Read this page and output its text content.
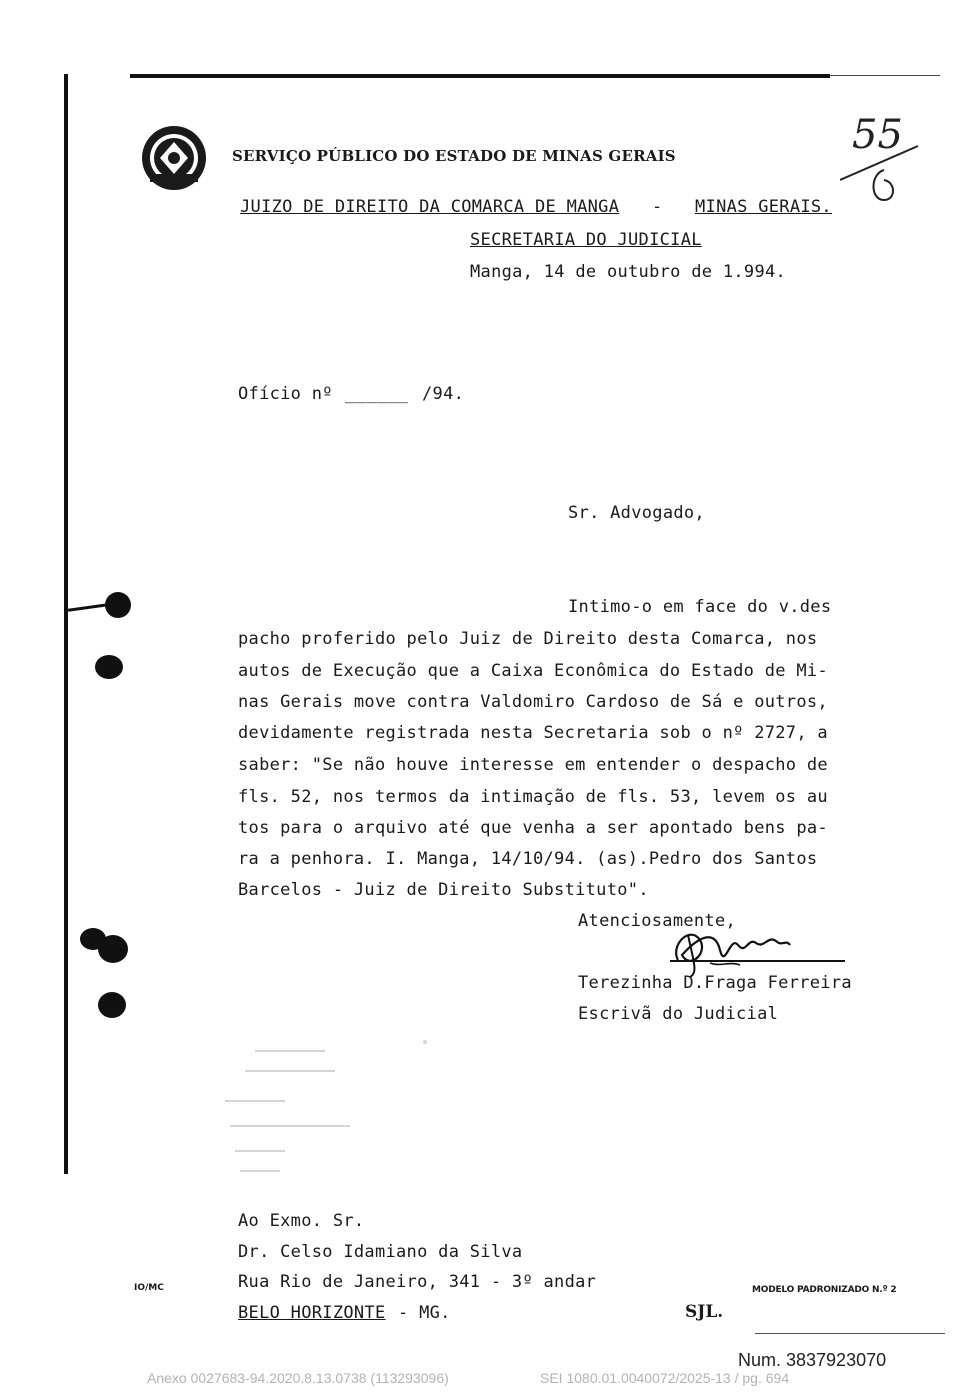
SERVIÇO PÚBLICO DO ESTADO DE MINAS GERAIS
JUIZO DE DIREITO DA COMARCA DE MANGA - MINAS GERAIS.
SECRETARIA DO JUDICIAL
Manga, 14 de outubro de 1.994.
55
Ofício nº ______ /94.
Sr. Advogado,
Intimo-o em face do v.des
pacho proferido pelo Juiz de Direito desta Comarca, nos
autos de Execução que a Caixa Econômica do Estado de Mi-
nas Gerais move contra Valdomiro Cardoso de Sá e outros,
devidamente registrada nesta Secretaria sob o nº 2727, a
saber: "Se não houve interesse em entender o despacho de
fls. 52, nos termos da intimação de fls. 53, levem os au
tos para o arquivo até que venha a ser apontado bens pa-
ra a penhora. I. Manga, 14/10/94. (as).Pedro dos Santos
Barcelos - Juiz de Direito Substituto".
Atenciosamente,
Terezinha D.Fraga Ferreira
Escrivã do Judicial
Ao Exmo. Sr.
Dr. Celso Idamiano da Silva
Rua Rio de Janeiro, 341 - 3º andar
BELO HORIZONTE - MG.
IO/MC	MODELO PADRONIZADO N.º 2
SJL.
Num. 3837923070
Anexo 0027683-94.2020.8.13.0738 (113293096)	SEI 1080.01.0040072/2025-13 / pg. 694
